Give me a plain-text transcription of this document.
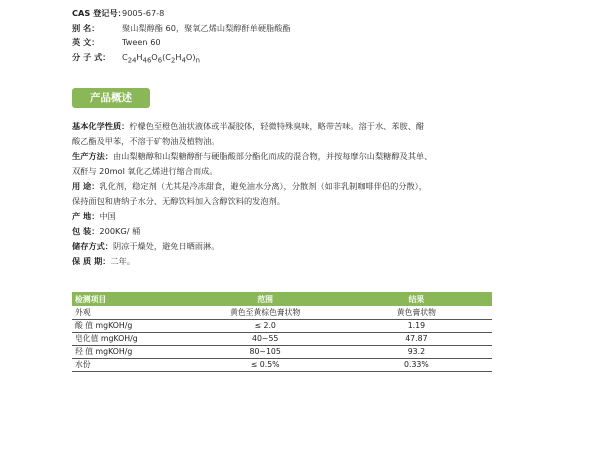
CAS 登记号：9005-67-8
别 名：	聚山梨醇酯 60，聚氧乙烯山梨醇酐单硬脂酸酯
英 文：	Tween 60
分 子 式： $C_{24}H_{46}O_6(C_2H_4O)_n$
产品概述
基本化学性质：柠檬色至橙色油状液体或半凝胶体，轻微特殊臭味，略带苦味。溶于水、苯胺、醋
酸乙酯及甲苯，不溶于矿物油及植物油。
生产方法：由山梨糖醇和山梨糖醇酐与硬脂酸部分酯化而成的混合物，并按每摩尔山梨糖醇及其单、
双酐与 20mol 氧化乙烯进行缩合而成。
用 途：乳化剂，稳定剂（尤其是冷冻甜食，避免油水分离），分散剂（如非乳制咖啡伴侣的分散），
保持面包和唐纳子水分、无醇饮料加入含醇饮料的发泡剂。
产 地：中国
包 装：200KG/ 桶
储存方式：阴凉干燥处，避免日晒雨淋。
保 质 期：二年。
检测项目	范围	结果
外观	黄色至黄棕色膏状物	黄色膏状物
酸 值 mgKOH/g	≤ 2.0	1.19
皂化值 mgKOH/g	40~55	47.87
羟 值 mgKOH/g	80~105	93.2
水份	≤ 0.5%	0.33%
